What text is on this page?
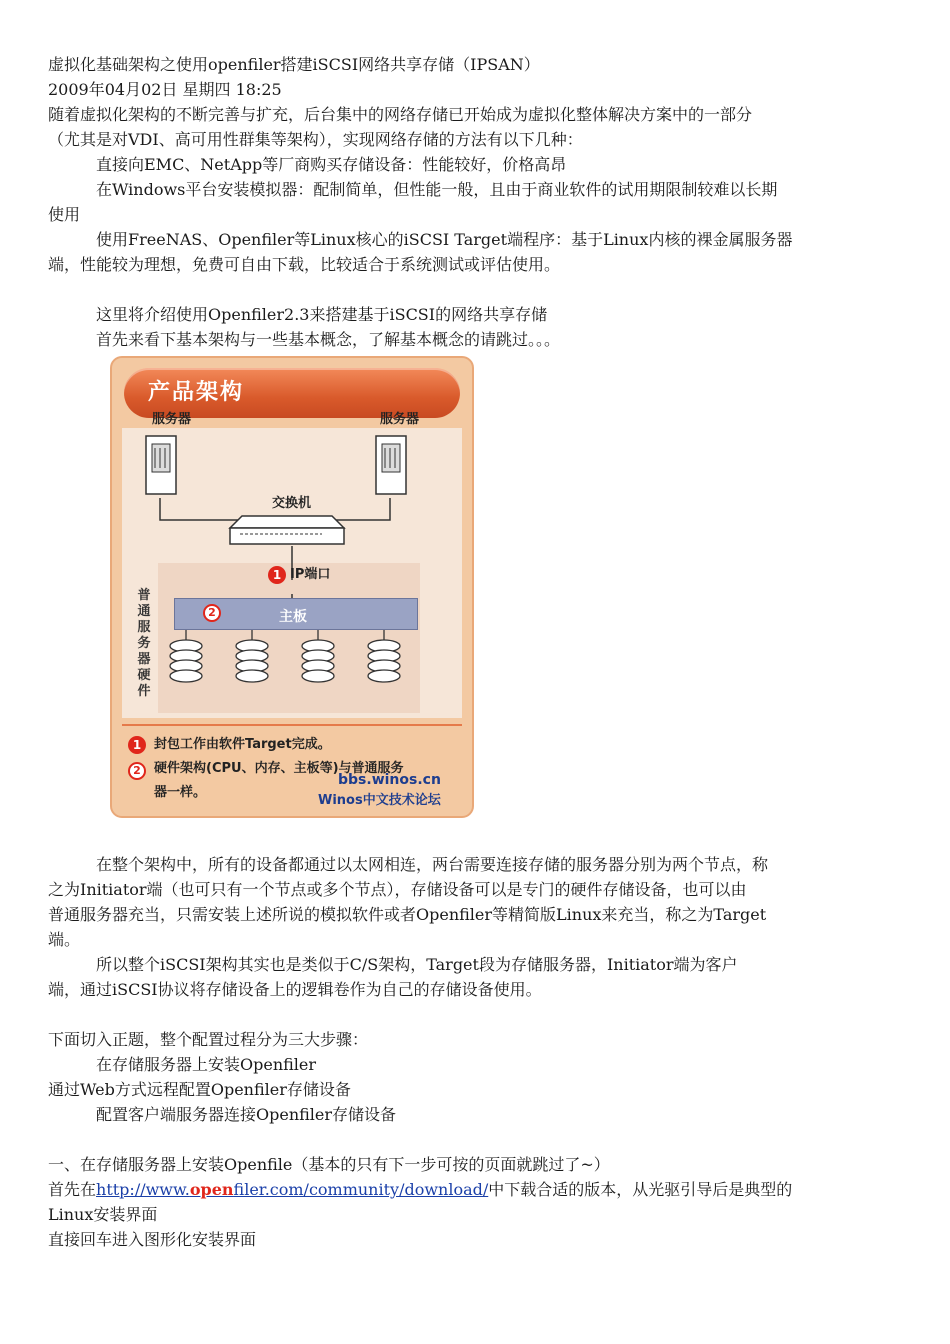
虚拟化基础架构之使用openfiler搭建iSCSI网络共享存储（IPSAN）
2009年04月02日 星期四 18:25
随着虚拟化架构的不断完善与扩充，后台集中的网络存储已开始成为虚拟化整体解决方案中的一部分
（尤其是对VDI、高可用性群集等架构），实现网络存储的方法有以下几种：
直接向EMC、NetApp等厂商购买存储设备：性能较好，价格高昂
在Windows平台安装模拟器：配制简单，但性能一般，且由于商业软件的试用期限制较难以长期
使用
使用FreeNAS、Openfiler等Linux核心的iSCSI Target端程序：基于Linux内核的裸金属服务器
端，性能较为理想，免费可自由下载，比较适合于系统测试或评估使用。
这里将介绍使用Openfiler2.3来搭建基于iSCSI的网络共享存储
首先来看下基本架构与一些基本概念，了解基本概念的请跳过。。。
产品架构
服务器	服务器
交换机
1 IP端口
普通服务器硬件
2	主板
1 封包工作由软件Target完成。
2	硬件架构(CPU、内存、主板等)与普通服务
器一样。
bbs.winos.cn
Winos中文技术论坛
在整个架构中，所有的设备都通过以太网相连，两台需要连接存储的服务器分别为两个节点，称
之为Initiator端（也可只有一个节点或多个节点），存储设备可以是专门的硬件存储设备，也可以由
普通服务器充当，只需安装上述所说的模拟软件或者Openfiler等精简版Linux来充当，称之为Target
端。
所以整个iSCSI架构其实也是类似于C/S架构，Target段为存储服务器，Initiator端为客户
端，通过iSCSI协议将存储设备上的逻辑卷作为自己的存储设备使用。
下面切入正题，整个配置过程分为三大步骤：
在存储服务器上安装Openfiler
通过Web方式远程配置Openfiler存储设备
配置客户端服务器连接Openfiler存储设备
一、在存储服务器上安装Openfile（基本的只有下一步可按的页面就跳过了~）
首先在http://www.openfiler.com/community/download/中下载合适的版本，从光驱引导后是典型的
Linux安装界面
直接回车进入图形化安装界面
